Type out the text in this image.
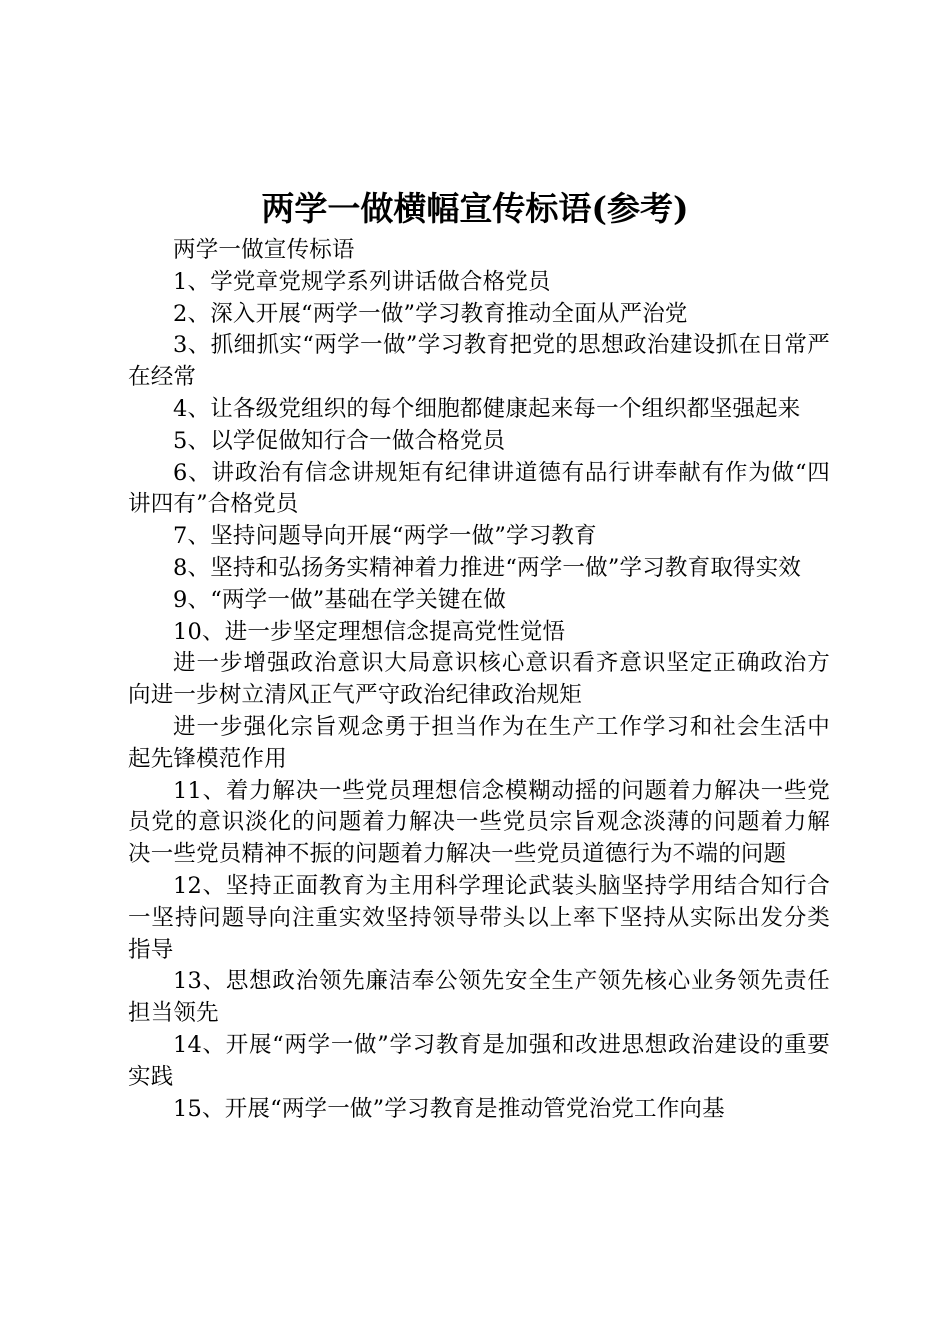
两学一做横幅宣传标语(参考)

两学一做宣传标语

1、学党章党规学系列讲话做合格党员

2、深入开展“两学一做”学习教育推动全面从严治党

3、抓细抓实“两学一做”学习教育把党的思想政治建设抓在日常严在经常

4、让各级党组织的每个细胞都健康起来每一个组织都坚强起来

5、以学促做知行合一做合格党员

6、讲政治有信念讲规矩有纪律讲道德有品行讲奉献有作为做“四讲四有”合格党员

7、坚持问题导向开展“两学一做”学习教育

8、坚持和弘扬务实精神着力推进“两学一做”学习教育取得实效

9、“两学一做”基础在学关键在做

10、进一步坚定理想信念提高党性觉悟

进一步增强政治意识大局意识核心意识看齐意识坚定正确政治方向进一步树立清风正气严守政治纪律政治规矩

进一步强化宗旨观念勇于担当作为在生产工作学习和社会生活中起先锋模范作用

11、着力解决一些党员理想信念模糊动摇的问题着力解决一些党员党的意识淡化的问题着力解决一些党员宗旨观念淡薄的问题着力解决一些党员精神不振的问题着力解决一些党员道德行为不端的问题

12、坚持正面教育为主用科学理论武装头脑坚持学用结合知行合一坚持问题导向注重实效坚持领导带头以上率下坚持从实际出发分类指导

13、思想政治领先廉洁奉公领先安全生产领先核心业务领先责任担当领先

14、开展“两学一做”学习教育是加强和改进思想政治建设的重要实践

15、开展“两学一做”学习教育是推动管党治党工作向基
